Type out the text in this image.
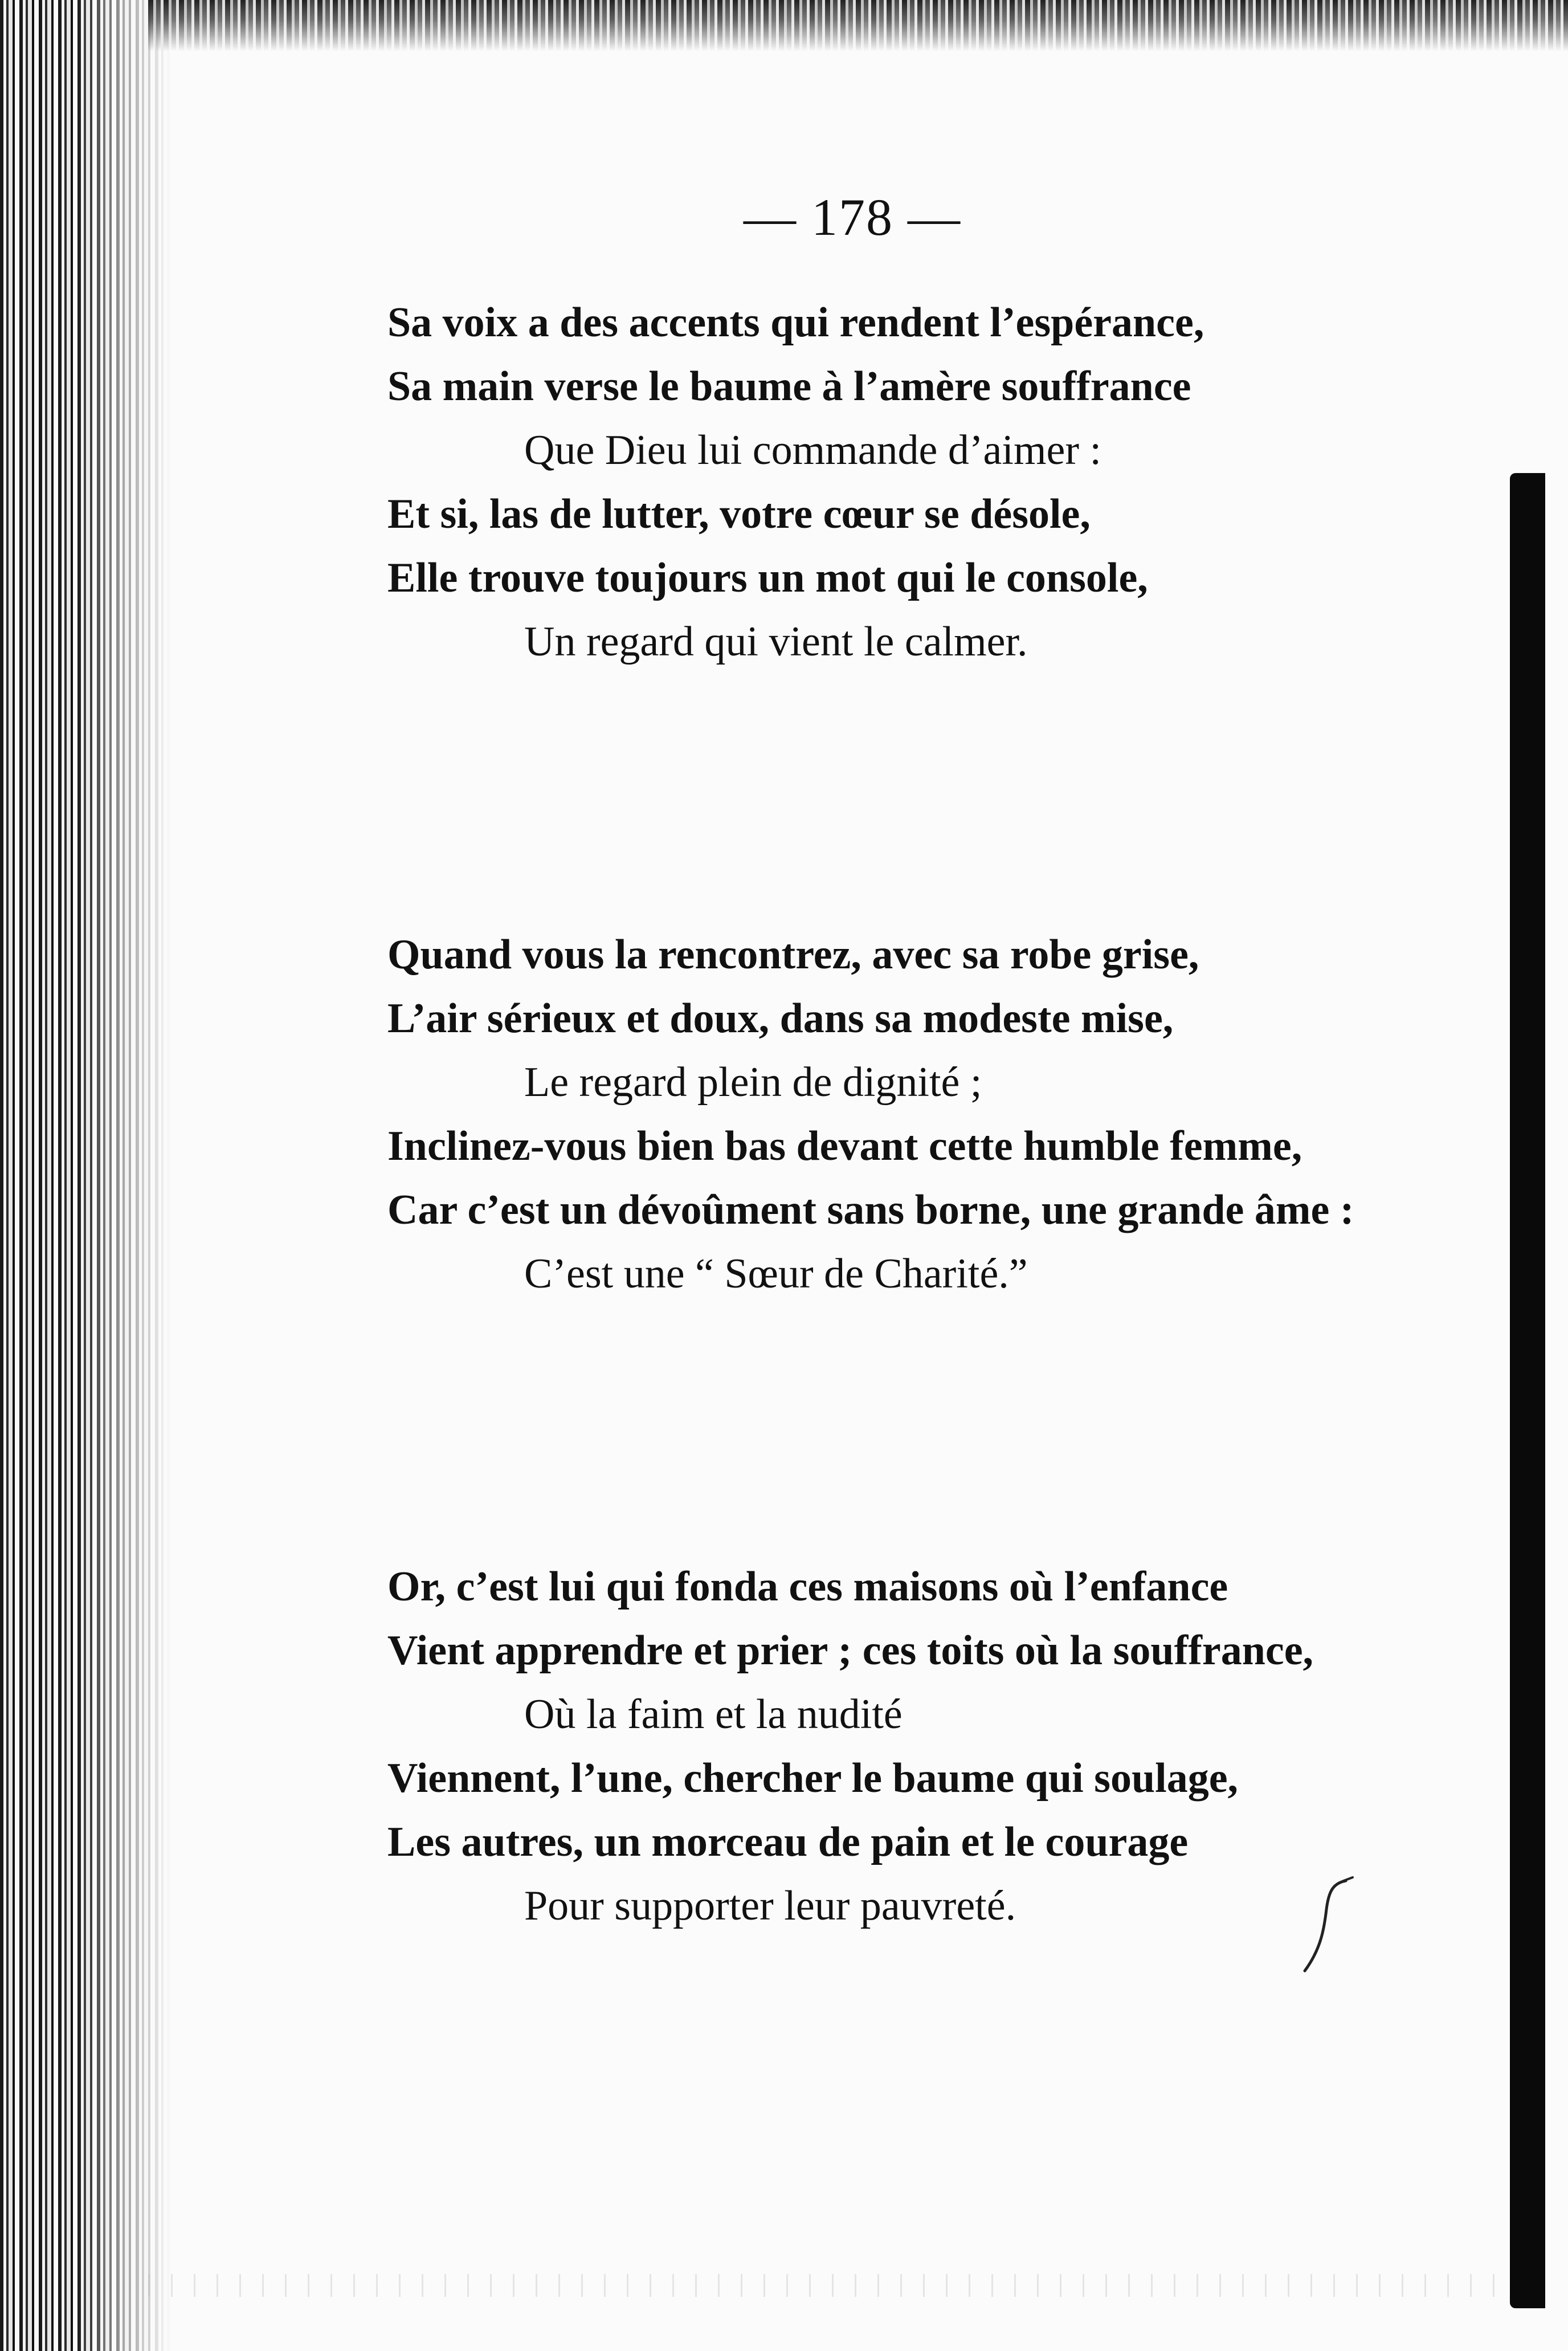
— 178 —
Sa voix a des accents qui rendent l’espérance,
Sa main verse le baume à l’amère souffrance
Que Dieu lui commande d’aimer :
Et si, las de lutter, votre cœur se désole,
Elle trouve toujours un mot qui le console,
Un regard qui vient le calmer.
Quand vous la rencontrez, avec sa robe grise,
L’air sérieux et doux, dans sa modeste mise,
Le regard plein de dignité ;
Inclinez-vous bien bas devant cette humble femme,
Car c’est un dévoûment sans borne, une grande âme :
C’est une “ Sœur de Charité.”
Or, c’est lui qui fonda ces maisons où l’enfance
Vient apprendre et prier ; ces toits où la souffrance,
Où la faim et la nudité
Viennent, l’une, chercher le baume qui soulage,
Les autres, un morceau de pain et le courage
Pour supporter leur pauvreté.
